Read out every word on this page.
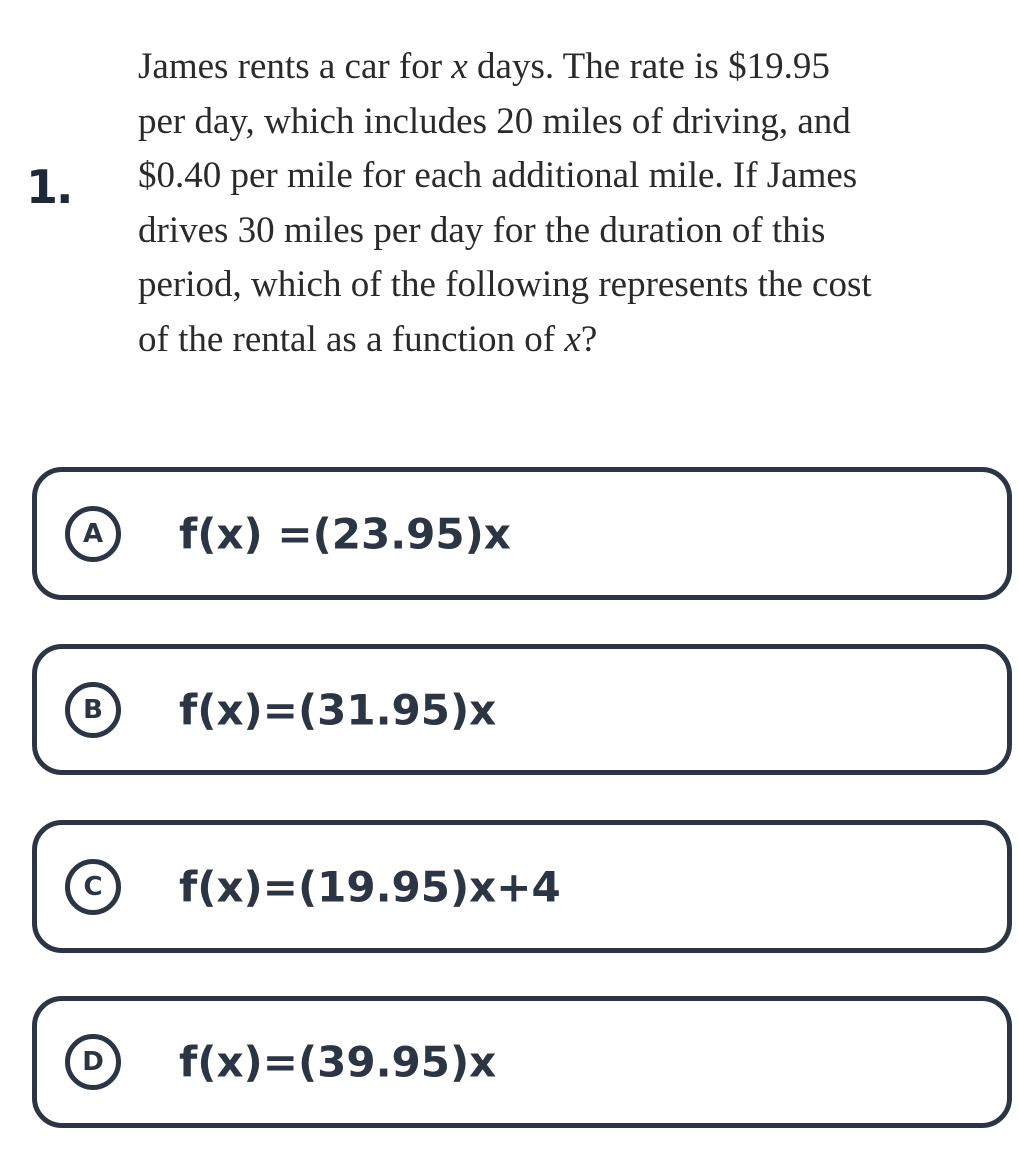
1.
James rents a car for x days. The rate is $19.95
per day, which includes 20 miles of driving, and
$0.40 per mile for each additional mile. If James
drives 30 miles per day for the duration of this
period, which of the following represents the cost
of the rental as a function of x?
A	f(x) =(23.95)x
B	f(x)=(31.95)x
C	f(x)=(19.95)x+4
D	f(x)=(39.95)x
